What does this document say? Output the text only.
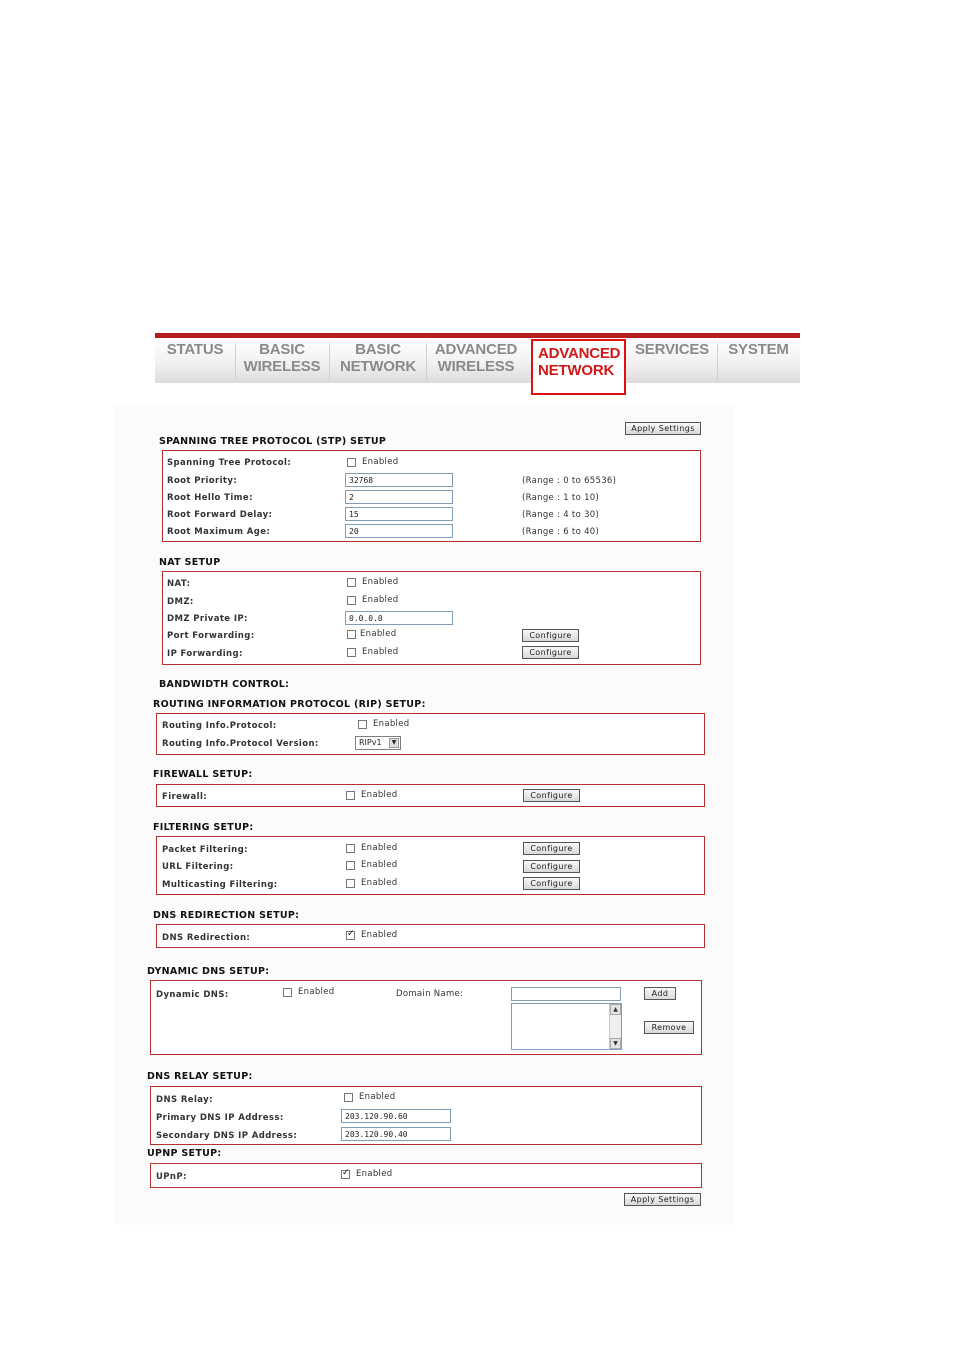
STATUS	BASIC
WIRELESS
BASIC
NETWORK
ADVANCED
WIRELESS
ADVANCED
NETWORK
SERVICES	SYSTEM
Apply Settings
SPANNING TREE PROTOCOL (STP) SETUP
Spanning Tree Protocol:	Enabled
Root Priority:	32768	(Range : 0 to 65536)
Root Hello Time:	2	(Range : 1 to 10)
Root Forward Delay:	15	(Range : 4 to 30)
Root Maximum Age:	20	(Range : 6 to 40)
NAT SETUP
NAT:	Enabled
DMZ:	Enabled
DMZ Private IP:	0.0.0.0
Port Forwarding:	Enabled	Configure
IP Forwarding:	Enabled	Configure
BANDWIDTH CONTROL:
ROUTING INFORMATION PROTOCOL (RIP) SETUP:
Routing Info.Protocol:	Enabled
Routing Info.Protocol Version:	RIPv1	▼
FIREWALL SETUP:
Firewall:	Enabled	Configure
FILTERING SETUP:
Packet Filtering:	Enabled	Configure
URL Filtering:	Enabled	Configure
Multicasting Filtering:	Enabled	Configure
DNS REDIRECTION SETUP:
DNS Redirection: ✓	Enabled
DYNAMIC DNS SETUP:
Dynamic DNS:	Enabled	Domain Name:	Add
▲
▼
Remove
DNS RELAY SETUP:
DNS Relay:	Enabled
Primary DNS IP Address:	203.120.90.60
Secondary DNS IP Address:	203.120.90.40
UPNP SETUP:
UPnP: ✓	Enabled
Apply Settings
